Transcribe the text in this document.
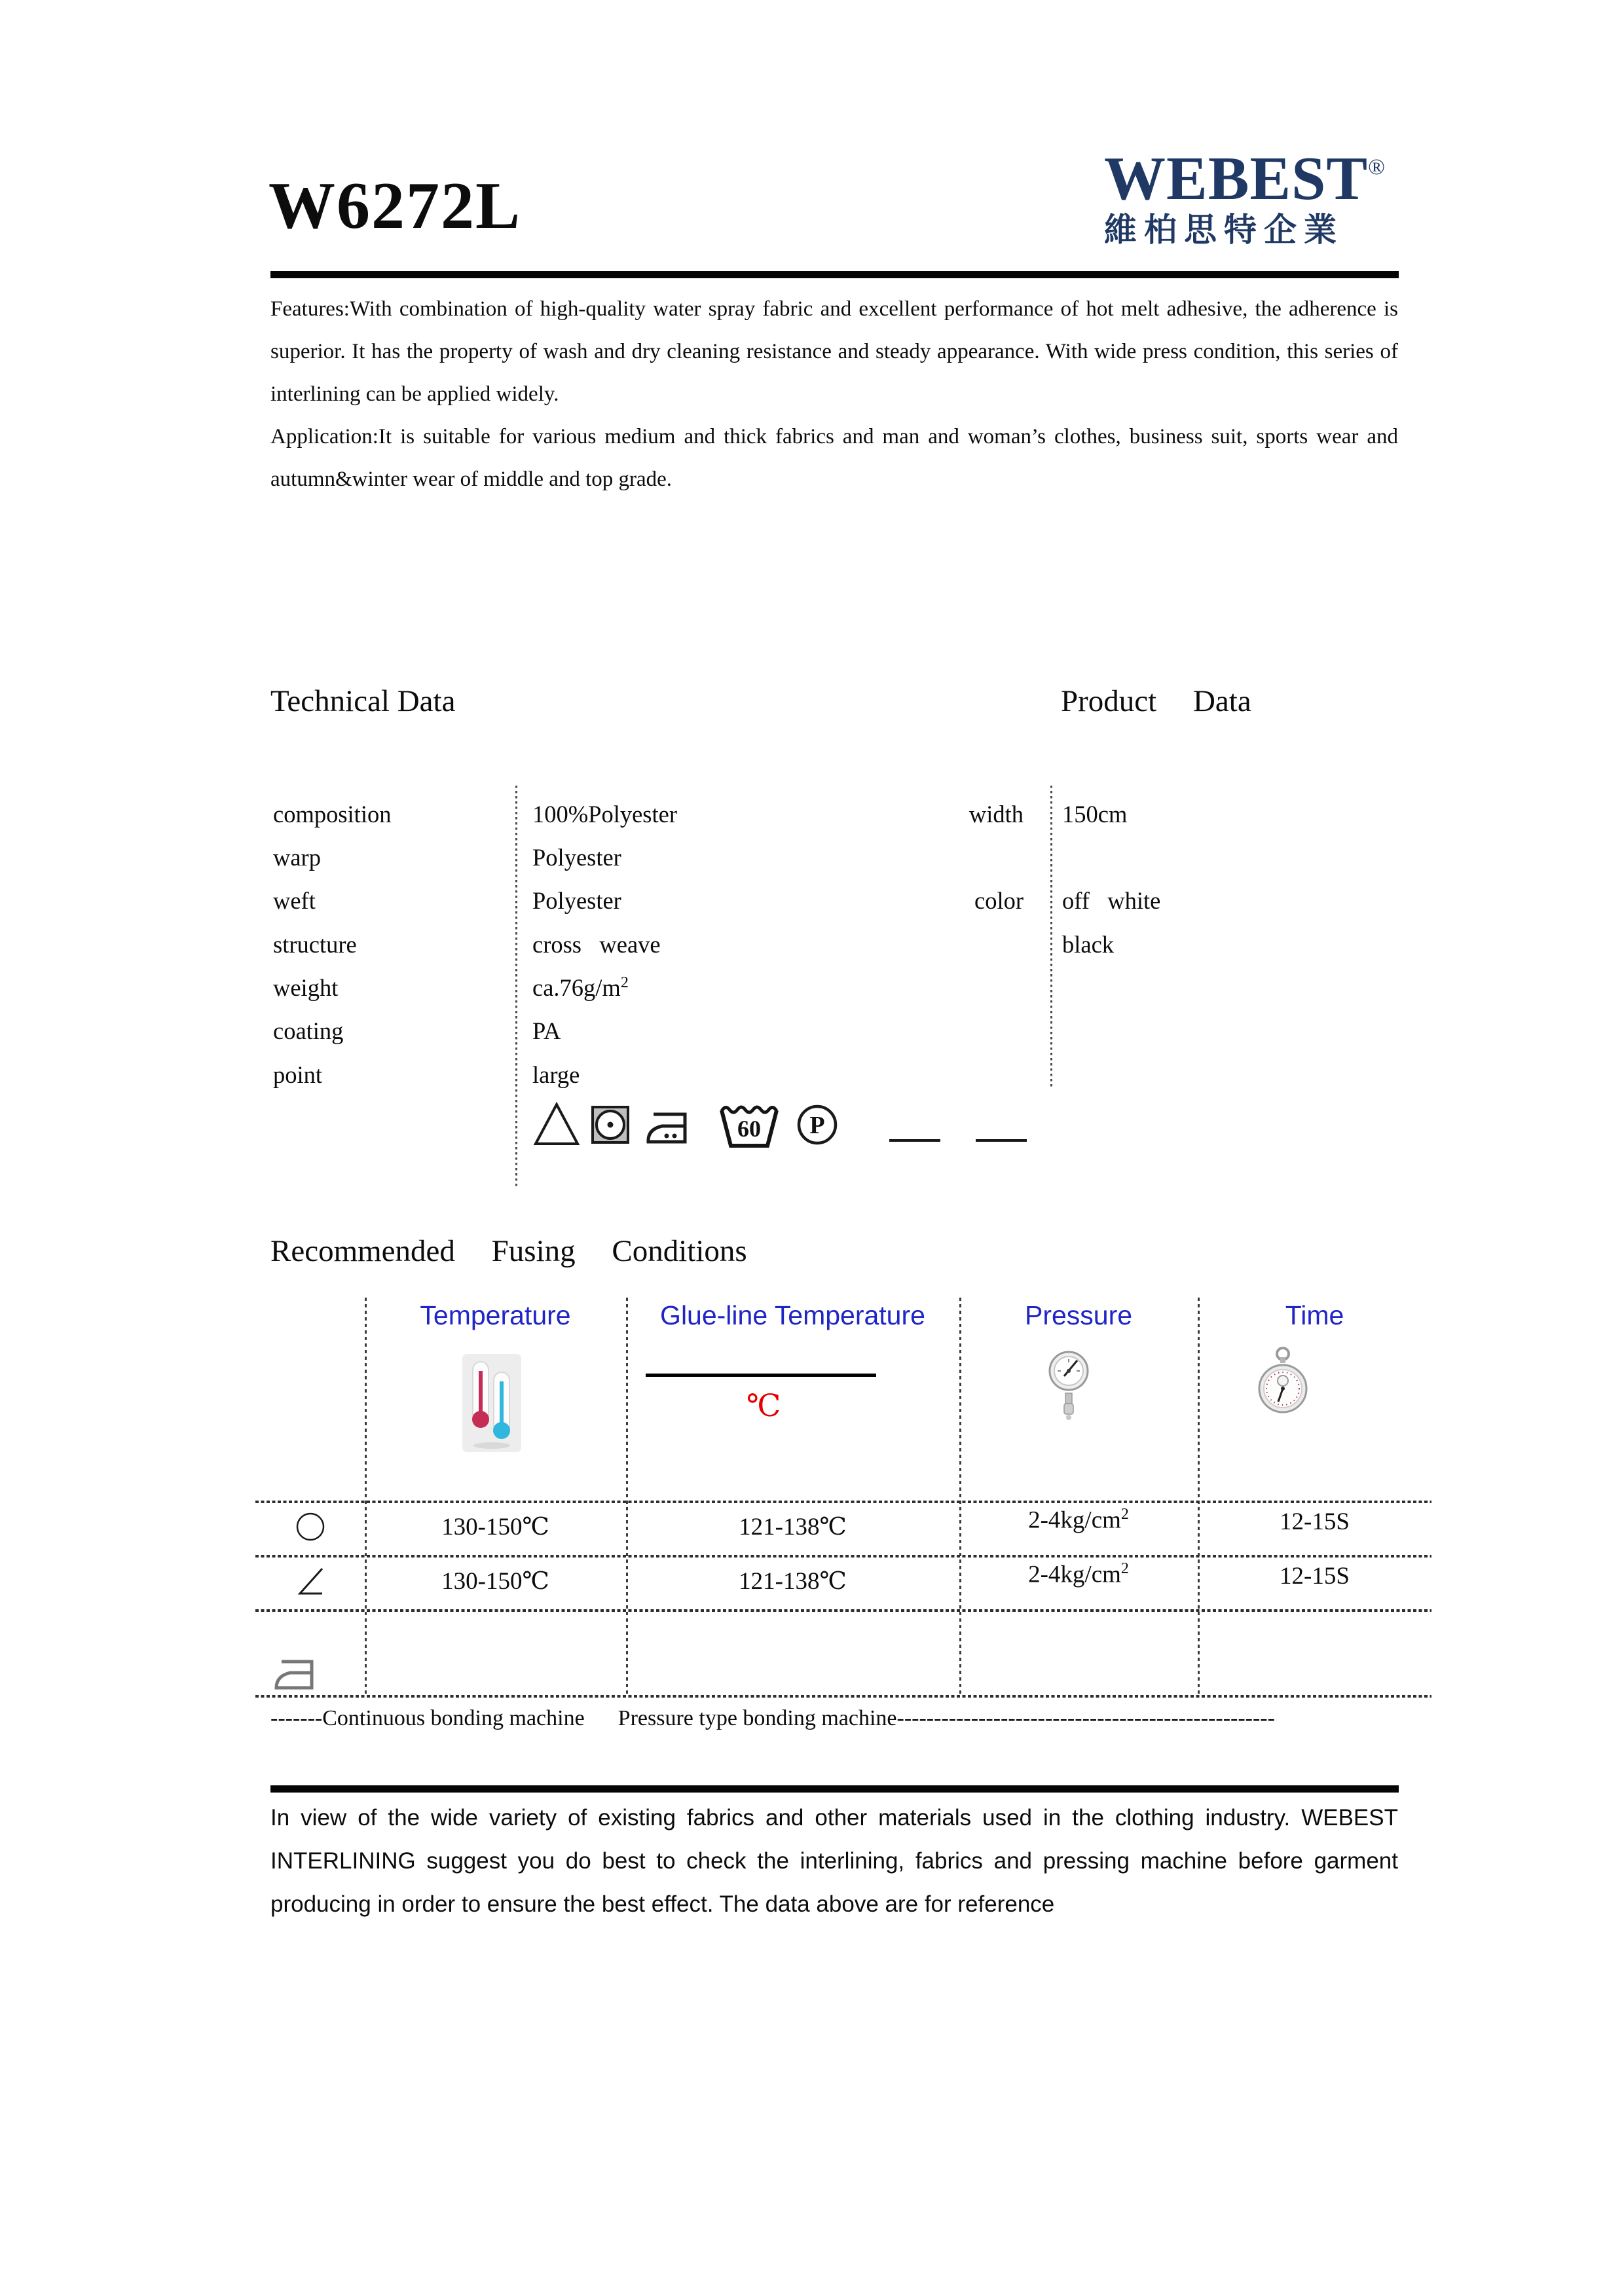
W6272L	WEBEST®
維柏思特企業

Features:With combination of high-quality water spray fabric and excellent performance of hot melt adhesive, the adherence is superior. It has the property of wash and dry cleaning resistance and steady appearance. With wide press condition, this series of interlining can be applied widely.

Application:It is suitable for various medium and thick fabrics and man and woman’s clothes, business suit, sports wear and autumn&winter wear of middle and top grade.

Technical Data	Product Data
composition	100%Polyester
warp	Polyester
weft	Polyester
structure	cross   weave
weight	$ca.76g/m^2$
coating	PA
point	large
width 150cm
color off   white
black
60 P
Recommended Fusing Conditions
Temperature	Glue-line Temperature	Pressure	Time
℃
130-150℃	121-138℃	$2-4kg/cm^2$	12-15S
130-150℃	121-138℃	$2-4kg/cm^2$	12-15S
-------Continuous bonding machine      Pressure type bonding machine---------------------------------------------------
In view of the wide variety of existing fabrics and other materials used in the clothing industry. WEBEST INTERLINING suggest you do best to check the interlining, fabrics and pressing machine before garment producing in order to ensure the best effect. The data above are for reference
